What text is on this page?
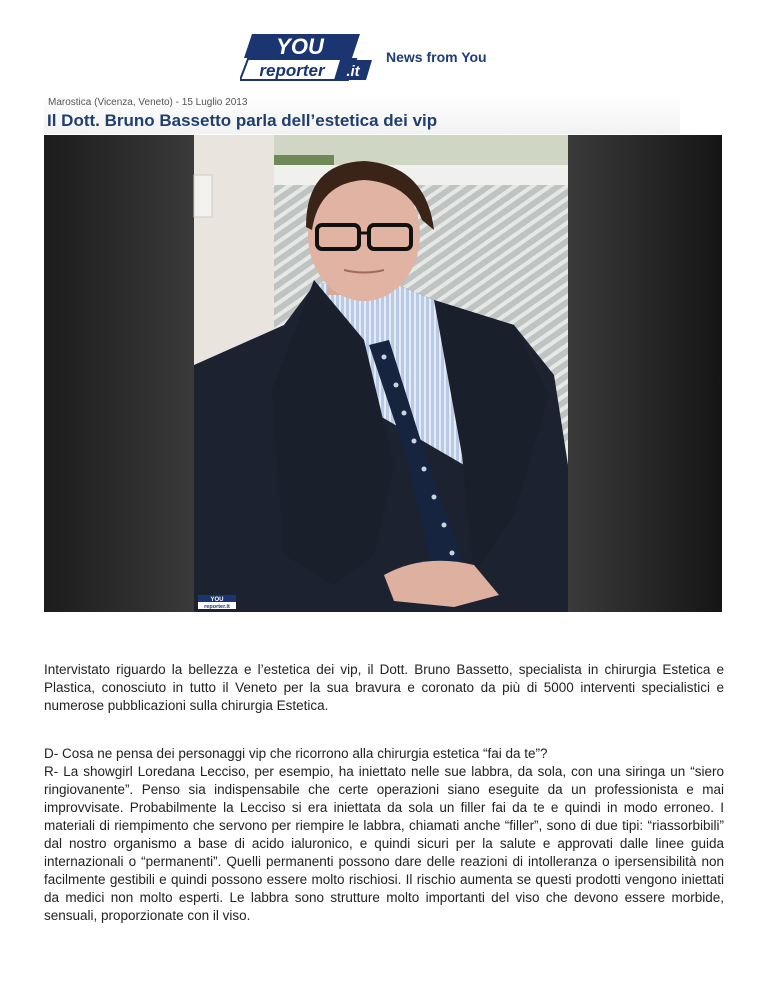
YOU
reporter .it
News from You
Marostica (Vicenza, Veneto) - 15 Luglio 2013
Il Dott. Bruno Bassetto parla dell’estetica dei vip
YOU
reporter.it

Intervistato riguardo la bellezza e l’estetica dei vip, il Dott. Bruno Bassetto, specialista in chirurgia Estetica e Plastica, conosciuto in tutto il Veneto per la sua bravura e coronato da più di 5000 interventi specialistici e numerose pubblicazioni sulla chirurgia Estetica.

D- Cosa ne pensa dei personaggi vip che ricorrono alla chirurgia estetica “fai da te”?

R- La showgirl Loredana Lecciso, per esempio, ha iniettato nelle sue labbra, da sola, con una siringa un “siero ringiovanente”. Penso sia indispensabile che certe operazioni siano eseguite da un professionista e mai improvvisate. Probabilmente la Lecciso si era iniettata da sola un filler fai da te e quindi in modo erroneo. I materiali di riempimento che servono per riempire le labbra, chiamati anche “filler”, sono di due tipi: “riassorbibili” dal nostro organismo a base di acido ialuronico, e quindi sicuri per la salute e approvati dalle linee guida internazionali o “permanenti”. Quelli permanenti possono dare delle reazioni di intolleranza o ipersensibilità non facilmente gestibili e quindi possono essere molto rischiosi. Il rischio aumenta se questi prodotti vengono iniettati da medici non molto esperti. Le labbra sono strutture molto importanti del viso che devono essere morbide, sensuali, proporzionate con il viso.
